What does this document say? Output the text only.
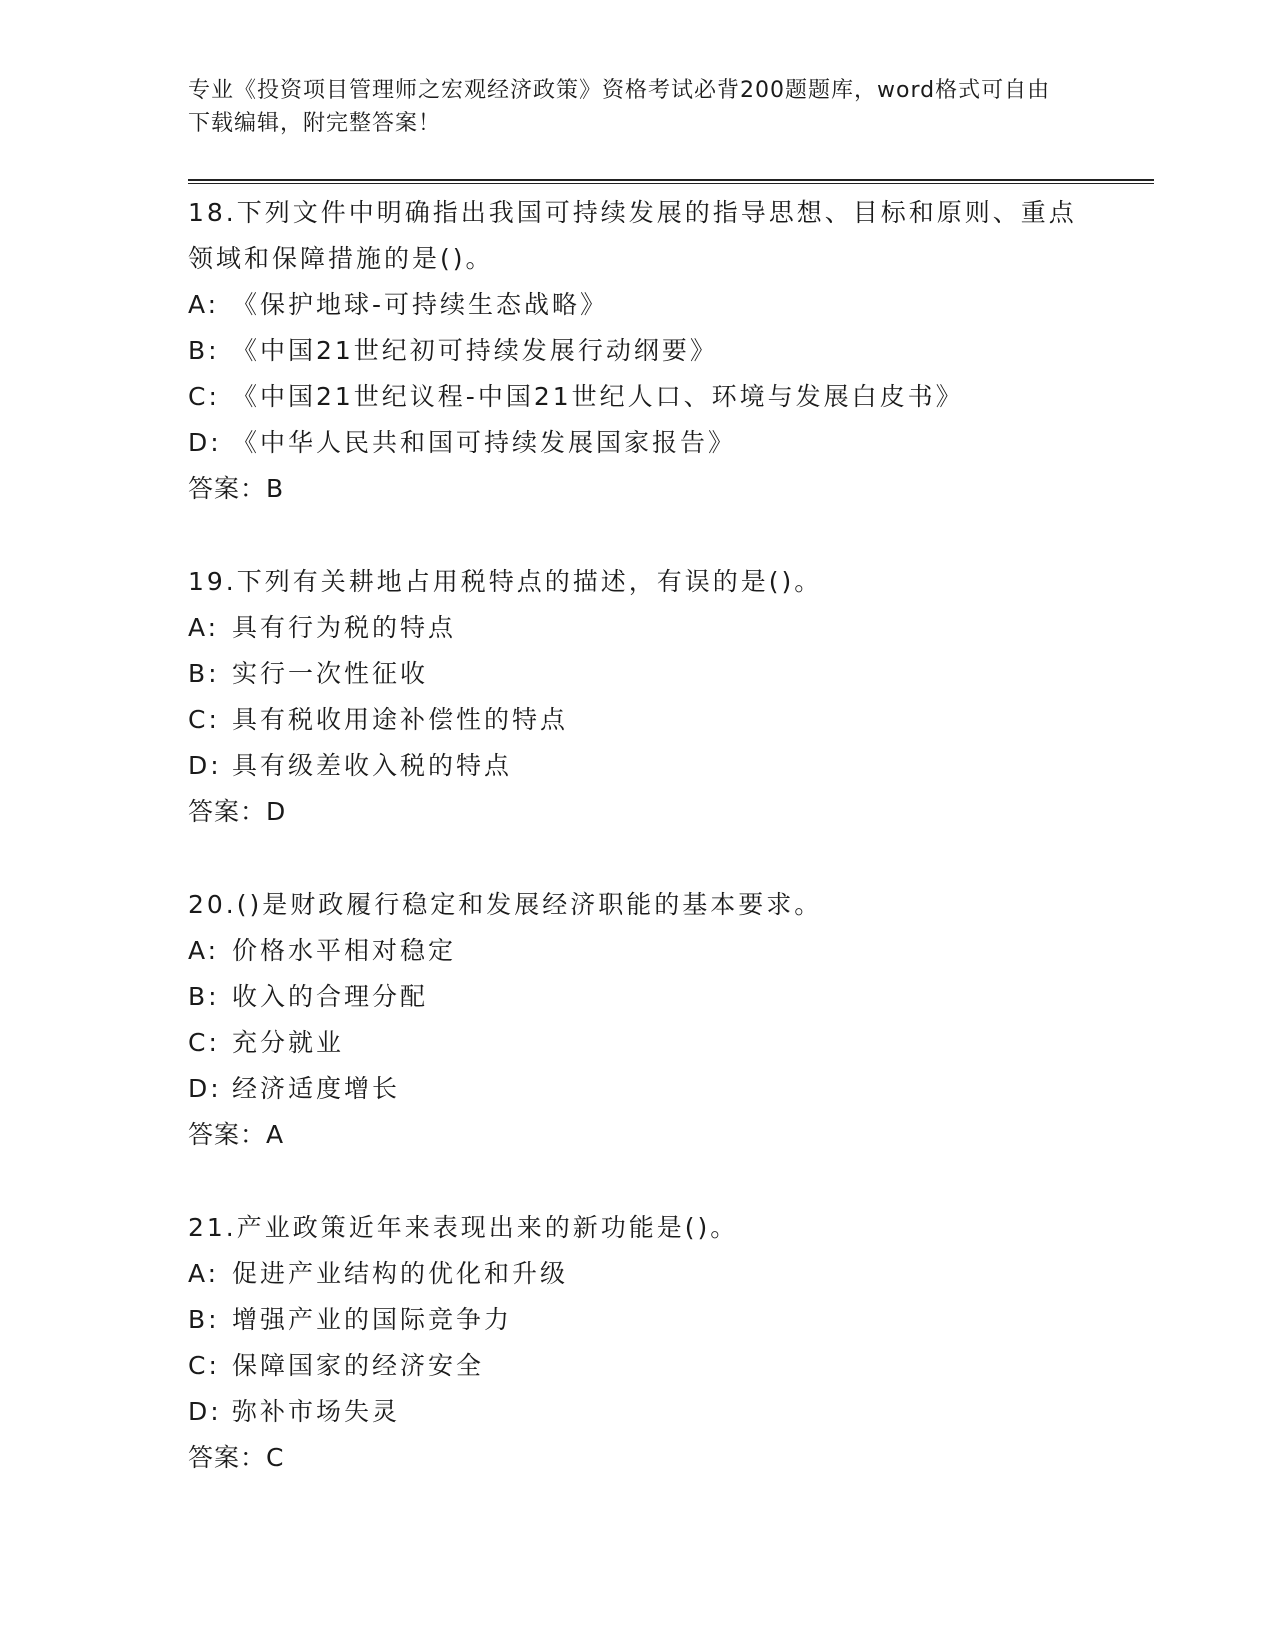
专业《投资项目管理师之宏观经济政策》资格考试必背200题题库，word格式可自由下载编辑，附完整答案！
18.下列文件中明确指出我国可持续发展的指导思想、目标和原则、重点领域和保障措施的是()。
A: 《保护地球-可持续生态战略》
B: 《中国21世纪初可持续发展行动纲要》
C: 《中国21世纪议程-中国21世纪人口、环境与发展白皮书》
D: 《中华人民共和国可持续发展国家报告》
答案：B
19.下列有关耕地占用税特点的描述，有误的是()。
A: 具有行为税的特点
B: 实行一次性征收
C: 具有税收用途补偿性的特点
D: 具有级差收入税的特点
答案：D
20.()是财政履行稳定和发展经济职能的基本要求。
A: 价格水平相对稳定
B: 收入的合理分配
C: 充分就业
D: 经济适度增长
答案：A
21.产业政策近年来表现出来的新功能是()。
A: 促进产业结构的优化和升级
B: 增强产业的国际竞争力
C: 保障国家的经济安全
D: 弥补市场失灵
答案：C
